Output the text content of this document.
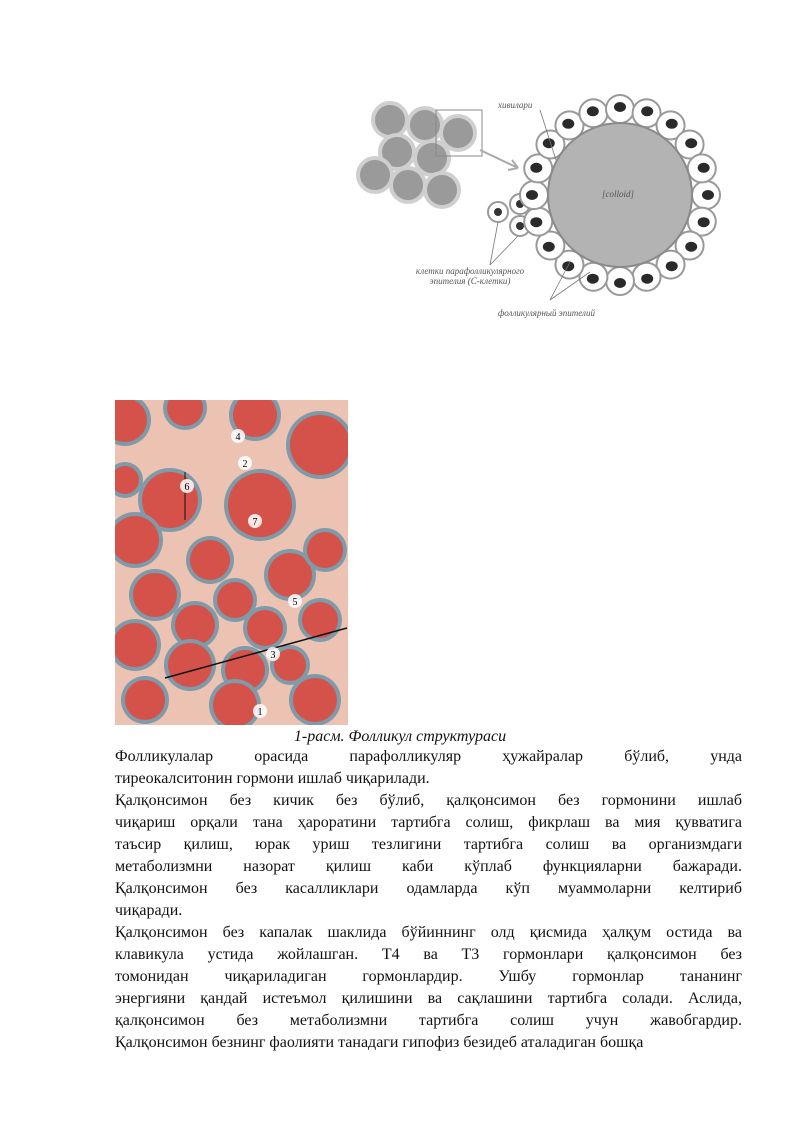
хивилари
[colloid]
клетки парафолликулярного эпителия (C-клетки)
фолликулярный эпителий
1
2
3
4
5
6
7
1-расм. Фолликул структураси
Фолликулалар орасида парафолликуляр ҳужайралар бўлиб, унда
тиреокалситонин гормони ишлаб чиқарилади.
Қалқонсимон без кичик без бўлиб, қалқонсимон без гормонини ишлаб
чиқариш орқали тана ҳароратини тартибга солиш, фикрлаш ва мия қувватига
таъсир қилиш, юрак уриш тезлигини тартибга солиш ва организмдаги
метаболизмни назорат қилиш каби кўплаб функцияларни бажаради.
Қалқонсимон без касалликлари одамларда кўп муаммоларни келтириб
чиқаради.
Қалқонсимон без капалак шаклида бўйиннинг олд қисмида ҳалқум остида ва
клавикула устида жойлашган. Т4 ва Т3 гормонлари қалқонсимон без
томонидан чиқариладиган гормонлардир. Ушбу гормонлар тананинг
энергияни қандай истеъмол қилишини ва сақлашини тартибга солади. Аслида,
қалқонсимон без метаболизмни тартибга солиш учун жавобгардир.
Қалқонсимон безнинг фаолияти танадаги гипофиз безидеб аталадиган бошқа
